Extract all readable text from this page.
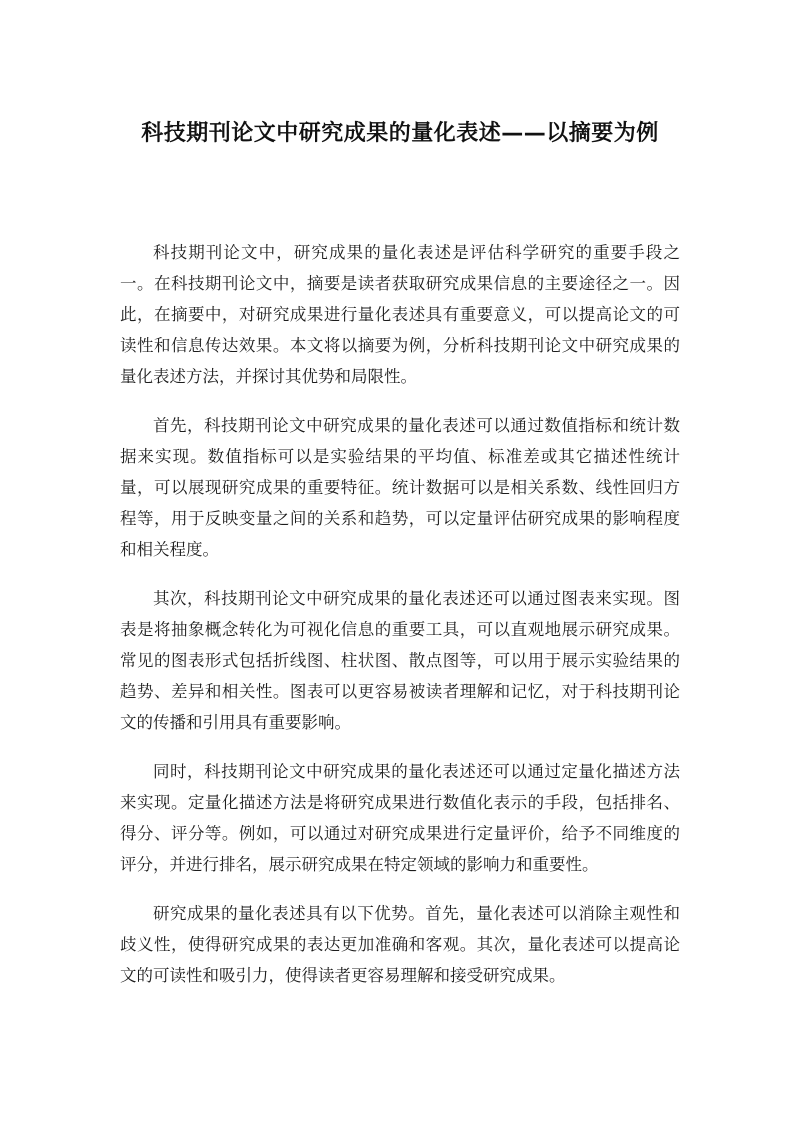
科技期刊论文中研究成果的量化表述——以摘要为例

科技期刊论文中，研究成果的量化表述是评估科学研究的重要手段之一。在科技期刊论文中，摘要是读者获取研究成果信息的主要途径之一。因此，在摘要中，对研究成果进行量化表述具有重要意义，可以提高论文的可读性和信息传达效果。本文将以摘要为例，分析科技期刊论文中研究成果的量化表述方法，并探讨其优势和局限性。

首先，科技期刊论文中研究成果的量化表述可以通过数值指标和统计数据来实现。数值指标可以是实验结果的平均值、标准差或其它描述性统计量，可以展现研究成果的重要特征。统计数据可以是相关系数、线性回归方程等，用于反映变量之间的关系和趋势，可以定量评估研究成果的影响程度和相关程度。

其次，科技期刊论文中研究成果的量化表述还可以通过图表来实现。图表是将抽象概念转化为可视化信息的重要工具，可以直观地展示研究成果。常见的图表形式包括折线图、柱状图、散点图等，可以用于展示实验结果的趋势、差异和相关性。图表可以更容易被读者理解和记忆，对于科技期刊论文的传播和引用具有重要影响。

同时，科技期刊论文中研究成果的量化表述还可以通过定量化描述方法来实现。定量化描述方法是将研究成果进行数值化表示的手段，包括排名、得分、评分等。例如，可以通过对研究成果进行定量评价，给予不同维度的评分，并进行排名，展示研究成果在特定领域的影响力和重要性。

研究成果的量化表述具有以下优势。首先，量化表述可以消除主观性和歧义性，使得研究成果的表达更加准确和客观。其次，量化表述可以提高论文的可读性和吸引力，使得读者更容易理解和接受研究成果。
